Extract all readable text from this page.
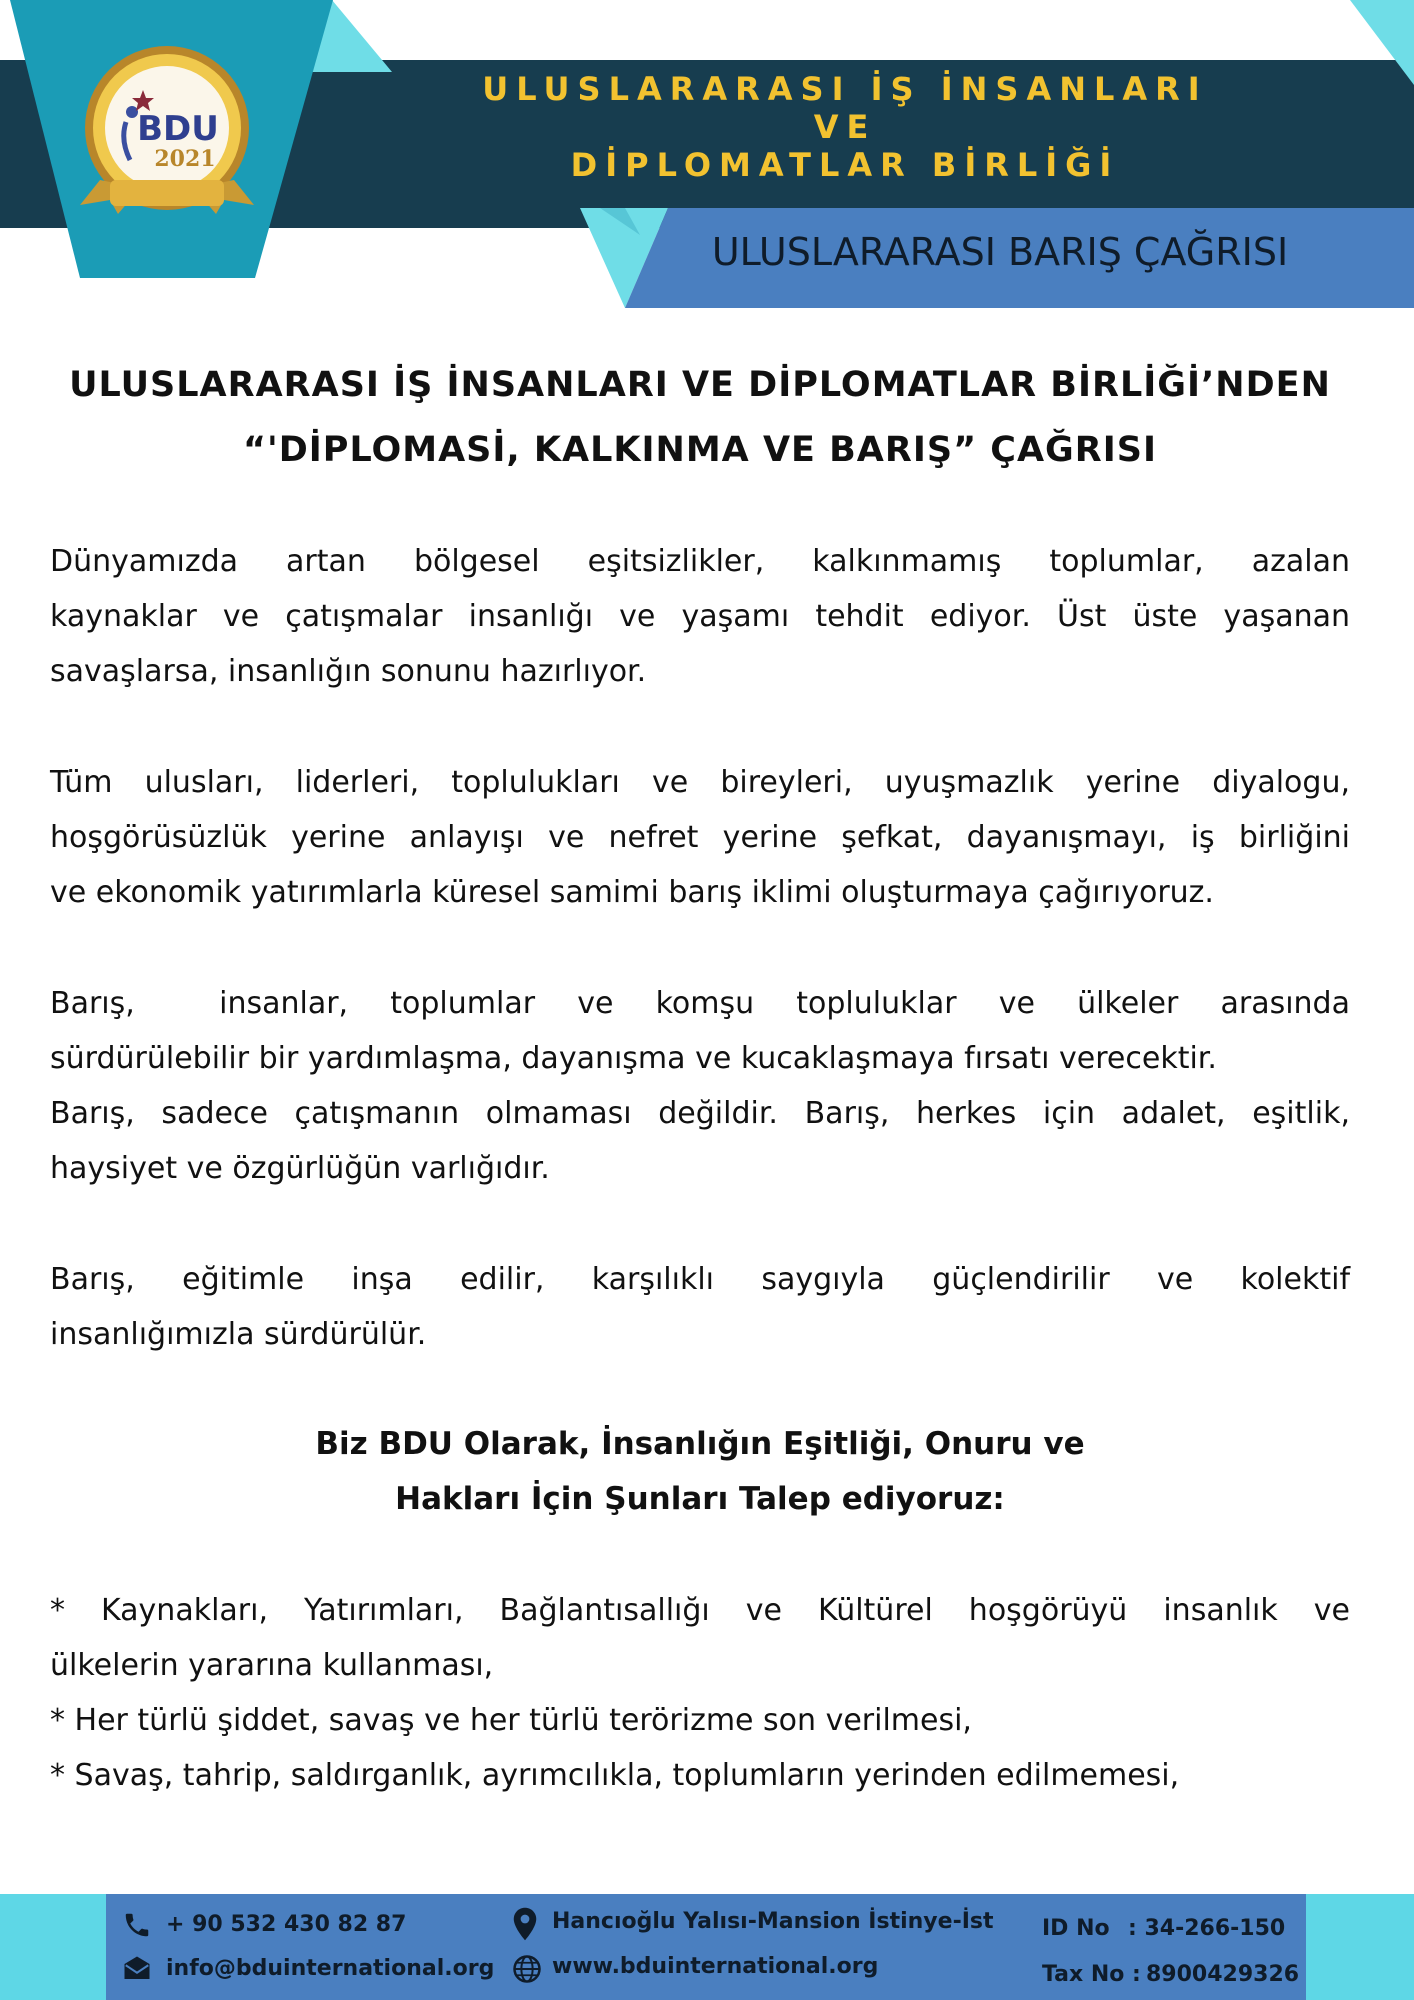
BDU
2021
ULUSLARARASI İŞ İNSANLARI VE
DİPLOMATLAR BİRLİĞİ
ULUSLARARASI BARIŞ ÇAĞRISI
ULUSLARARASI İŞ İNSANLARI VE DİPLOMATLAR BİRLİĞİ’NDEN
“'DİPLOMASİ, KALKINMA VE BARIŞ” ÇAĞRISI
Dünyamızda artan bölgesel eşitsizlikler, kalkınmamış toplumlar, azalan
kaynaklar ve çatışmalar insanlığı ve yaşamı tehdit ediyor. Üst üste yaşanan
savaşlarsa, insanlığın sonunu hazırlıyor.
Tüm ulusları, liderleri, toplulukları ve bireyleri, uyuşmazlık yerine diyalogu,
hoşgörüsüzlük yerine anlayışı ve nefret yerine şefkat, dayanışmayı, iş birliğini
ve ekonomik yatırımlarla küresel samimi barış iklimi oluşturmaya çağırıyoruz.
Barış,  insanlar, toplumlar ve komşu topluluklar ve ülkeler arasında
sürdürülebilir bir yardımlaşma, dayanışma ve kucaklaşmaya fırsatı verecektir.
Barış, sadece çatışmanın olmaması değildir. Barış, herkes için adalet, eşitlik,
haysiyet ve özgürlüğün varlığıdır.
Barış, eğitimle inşa edilir, karşılıklı saygıyla güçlendirilir ve kolektif
insanlığımızla sürdürülür.
Biz BDU Olarak, İnsanlığın Eşitliği, Onuru ve
Hakları İçin Şunları Talep ediyoruz:
* Kaynakları, Yatırımları, Bağlantısallığı ve Kültürel hoşgörüyü insanlık ve
ülkelerin yararına kullanması,
* Her türlü şiddet, savaş ve her türlü terörizme son verilmesi,
* Savaş, tahrip, saldırganlık, ayrımcılıkla, toplumların yerinden edilmemesi,
+ 90 532 430 82 87
info@bduinternational.org
Hancıoğlu Yalısı-Mansion İstinye-İst
www.bduinternational.org
ID No : 34-266-150
Tax No : 8900429326
